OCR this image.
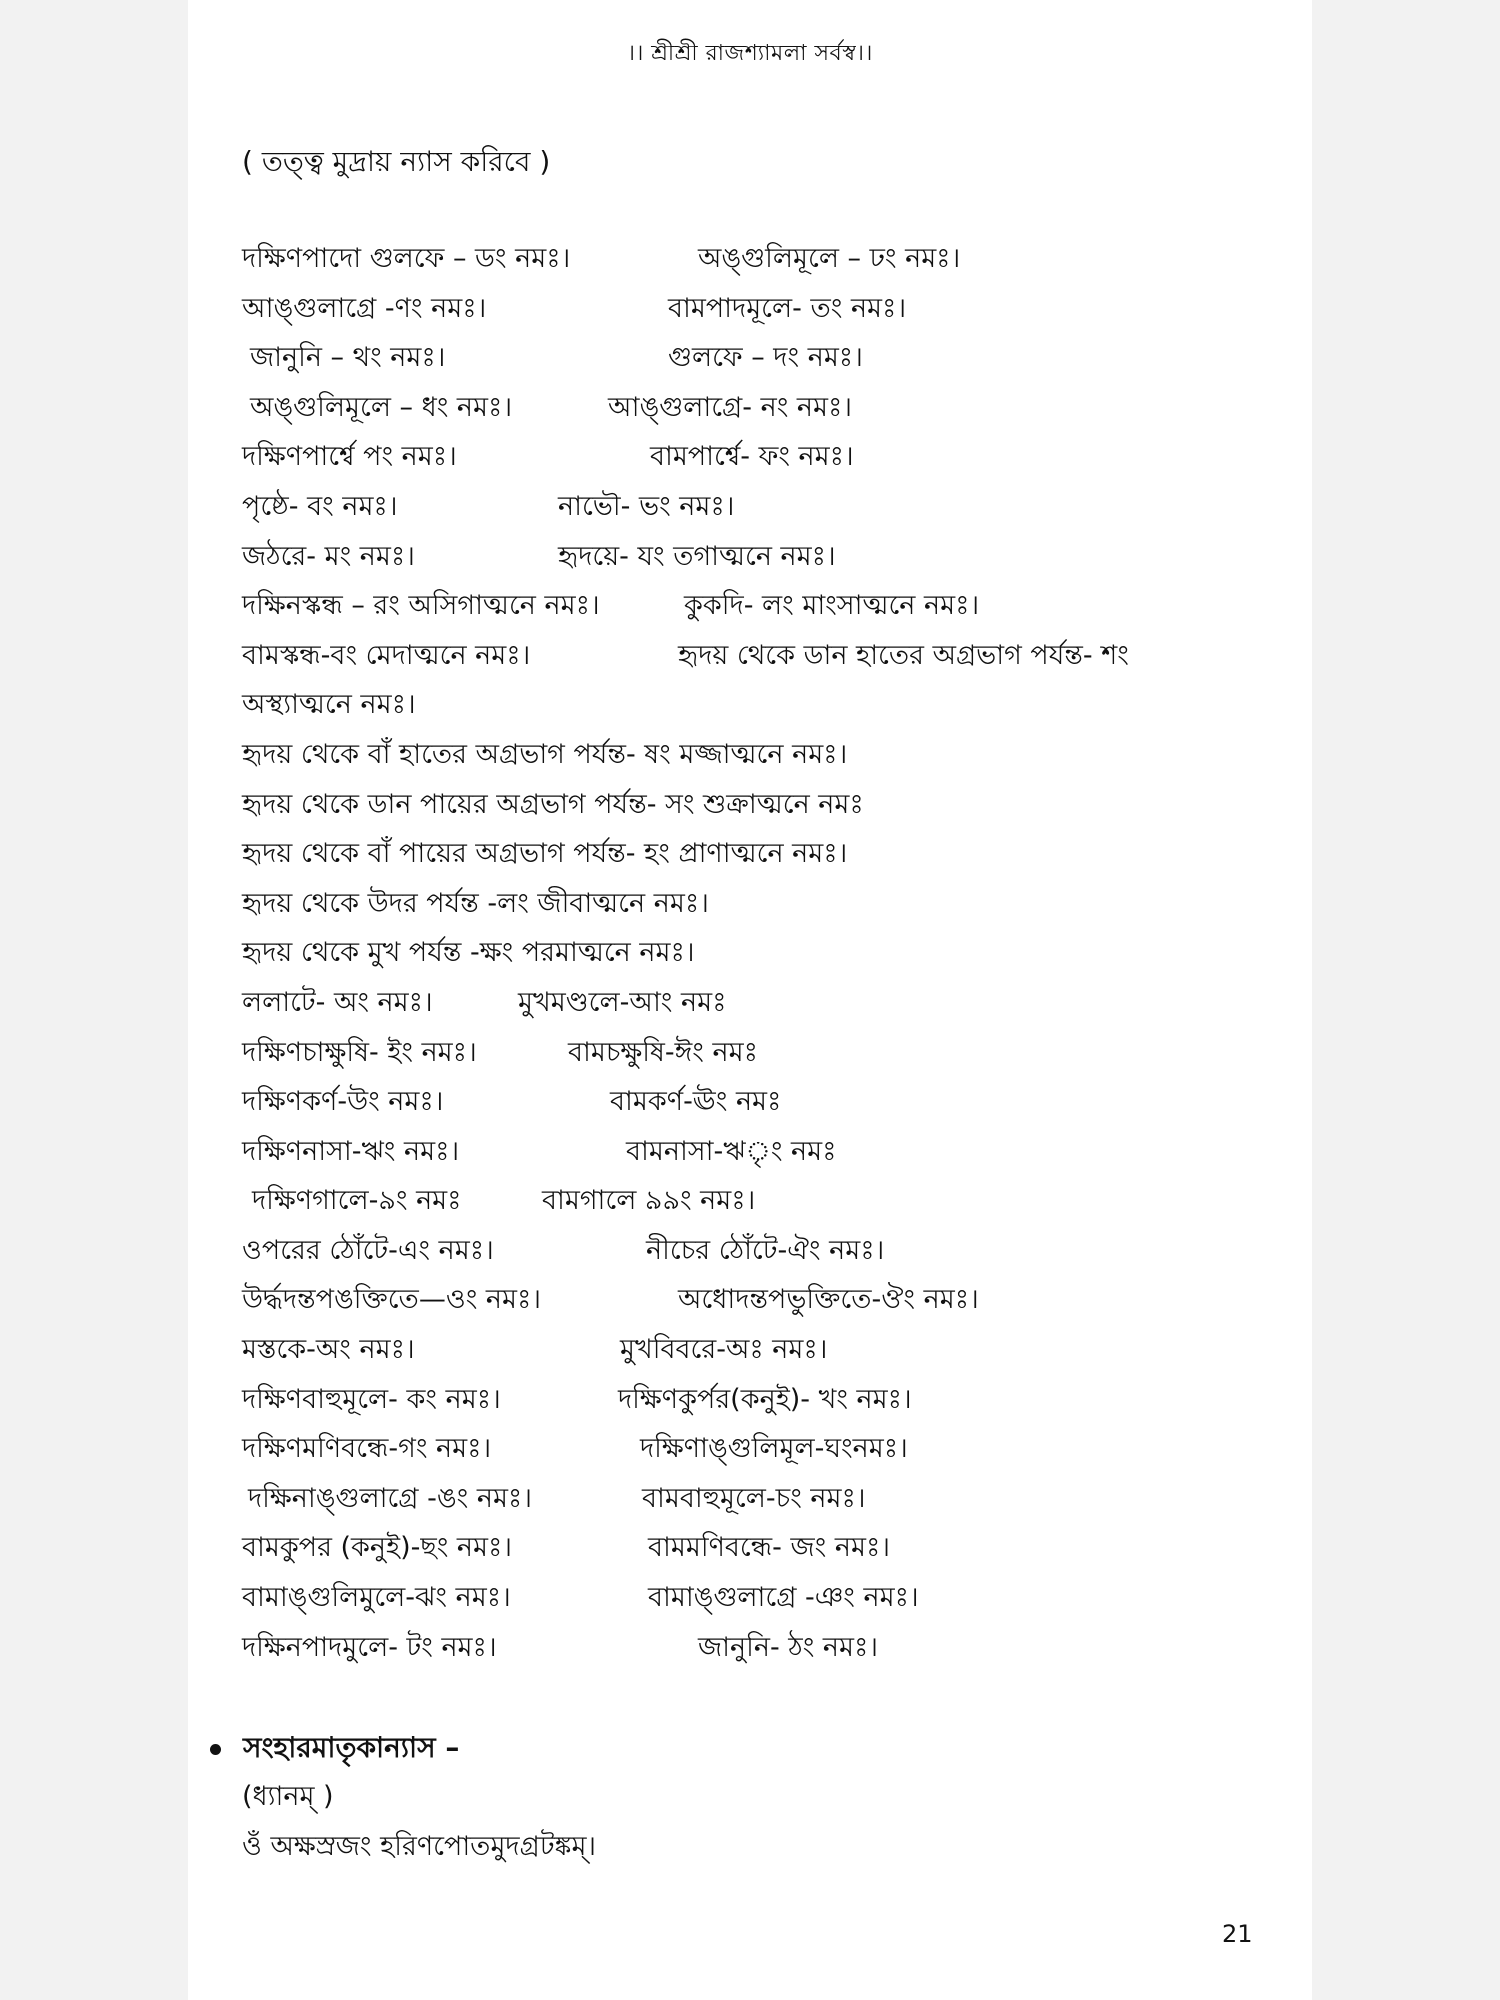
।। শ্রীশ্রী রাজশ্যামলা সর্বস্ব।।
( তত্ত্ব মুদ্রায় ন্যাস করিবে )
দক্ষিণপাদো গুলফে – ডং নমঃ।	অঙ্গুলিমূলে – ঢং নমঃ।
আঙ্গুলাগ্রে -ণং নমঃ।	বামপাদমূলে- তং নমঃ।
জানুনি – থং নমঃ।	গুলফে – দং নমঃ।
অঙ্গুলিমূলে – ধং নমঃ।	আঙ্গুলাগ্রে- নং নমঃ।
দক্ষিণপার্শ্বে পং নমঃ।	বামপার্শ্বে- ফং নমঃ।
পৃষ্ঠে- বং নমঃ।	নাভৌ- ভং নমঃ।
জঠরে- মং নমঃ।	হৃদয়ে- যং তগাত্মনে নমঃ।
দক্ষিনস্কন্ধ – রং অসিগাত্মনে নমঃ।	কুকদি- লং মাংসাত্মনে নমঃ।
বামস্কন্ধ-বং মেদাত্মনে নমঃ।	হৃদয় থেকে ডান হাতের অগ্রভাগ পর্যন্ত- শং
অস্থ্যাত্মনে নমঃ।
হৃদয় থেকে বাঁ হাতের অগ্রভাগ পর্যন্ত- ষং মজ্জাত্মনে নমঃ।
হৃদয় থেকে ডান পায়ের অগ্রভাগ পর্যন্ত- সং শুক্রাত্মনে নমঃ
হৃদয় থেকে বাঁ পায়ের অগ্রভাগ পর্যন্ত- হং প্রাণাত্মনে নমঃ।
হৃদয় থেকে উদর পর্যন্ত -লং জীবাত্মনে নমঃ।
হৃদয় থেকে মুখ পর্যন্ত -ক্ষং পরমাত্মনে নমঃ।
ললাটে- অং নমঃ।	মুখমণ্ডলে-আং নমঃ
দক্ষিণচাক্ষুষি- ইং নমঃ।	বামচক্ষুষি-ঈং নমঃ
দক্ষিণকর্ণ-উং নমঃ।	বামকর্ণ-ঊং নমঃ
দক্ষিণনাসা-ঋং নমঃ।	বামনাসা-ঋৃং নমঃ
দক্ষিণগালে-৯ং নমঃ	বামগালে ৯৯ং নমঃ।
ওপরের ঠোঁটে-এং নমঃ।	নীচের ঠোঁটে-ঐং নমঃ।
উর্দ্ধদন্তপঙক্তিতে—ওং নমঃ।	অধোদন্তপভুক্তিতে-ঔং নমঃ।
মস্তকে-অং নমঃ।	মুখবিবরে-অঃ নমঃ।
দক্ষিণবাহুমূলে- কং নমঃ।	দক্ষিণকুর্পর(কনুই)- খং নমঃ।
দক্ষিণমণিবন্ধে-গং নমঃ।	দক্ষিণাঙ্গুলিমূল-ঘংনমঃ।
দক্ষিনাঙ্গুলাগ্রে -ঙং নমঃ।	বামবাহুমূলে-চং নমঃ।
বামকুপর (কনুই)-ছং নমঃ।	বামমণিবন্ধে- জং নমঃ।
বামাঙ্গুলিমুলে-ঝং নমঃ।	বামাঙ্গুলাগ্রে -ঞং নমঃ।
দক্ষিনপাদমুলে- টং নমঃ।	জানুনি- ঠং নমঃ।
সংহারমাতৃকান্যাস –
(ধ্যানম্ )
ওঁ অক্ষস্রজং হরিণপোতমুদগ্রটঙ্কম্।
21
